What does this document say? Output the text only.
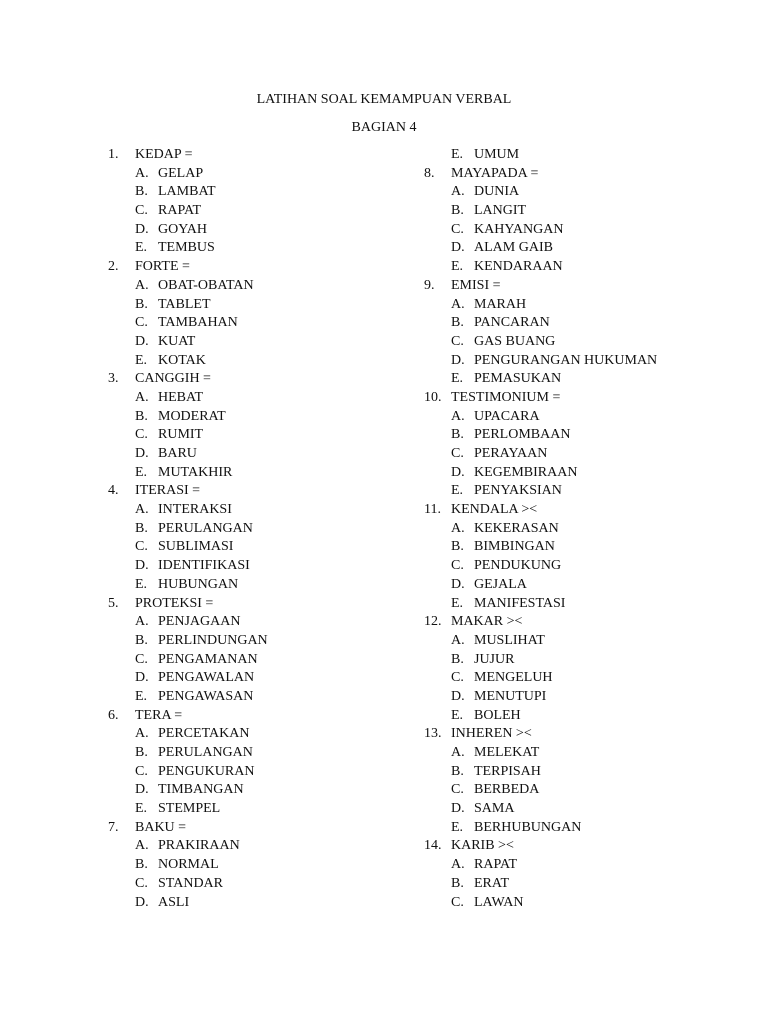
LATIHAN SOAL KEMAMPUAN VERBAL
BAGIAN 4
1. KEDAP =
A. GELAP
B. LAMBAT
C. RAPAT
D. GOYAH
E. TEMBUS
2. FORTE =
A. OBAT-OBATAN
B. TABLET
C. TAMBAHAN
D. KUAT
E. KOTAK
3. CANGGIH =
A. HEBAT
B. MODERAT
C. RUMIT
D. BARU
E. MUTAKHIR
4. ITERASI =
A. INTERAKSI
B. PERULANGAN
C. SUBLIMASI
D. IDENTIFIKASI
E. HUBUNGAN
5. PROTEKSI =
A. PENJAGAAN
B. PERLINDUNGAN
C. PENGAMANAN
D. PENGAWALAN
E. PENGAWASAN
6. TERA =
A. PERCETAKAN
B. PERULANGAN
C. PENGUKURAN
D. TIMBANGAN
E. STEMPEL
7. BAKU =
A. PRAKIRAAN
B. NORMAL
C. STANDAR
D. ASLI
E. UMUM
8. MAYAPADA =
A. DUNIA
B. LANGIT
C. KAHYANGAN
D. ALAM GAIB
E. KENDARAAN
9. EMISI =
A. MARAH
B. PANCARAN
C. GAS BUANG
D. PENGURANGAN HUKUMAN
E. PEMASUKAN
10. TESTIMONIUM =
A. UPACARA
B. PERLOMBAAN
C. PERAYAAN
D. KEGEMBIRAAN
E. PENYAKSIAN
11. KENDALA ><
A. KEKERASAN
B. BIMBINGAN
C. PENDUKUNG
D. GEJALA
E. MANIFESTASI
12. MAKAR ><
A. MUSLIHAT
B. JUJUR
C. MENGELUH
D. MENUTUPI
E. BOLEH
13. INHEREN ><
A. MELEKAT
B. TERPISAH
C. BERBEDA
D. SAMA
E. BERHUBUNGAN
14. KARIB ><
A. RAPAT
B. ERAT
C. LAWAN
